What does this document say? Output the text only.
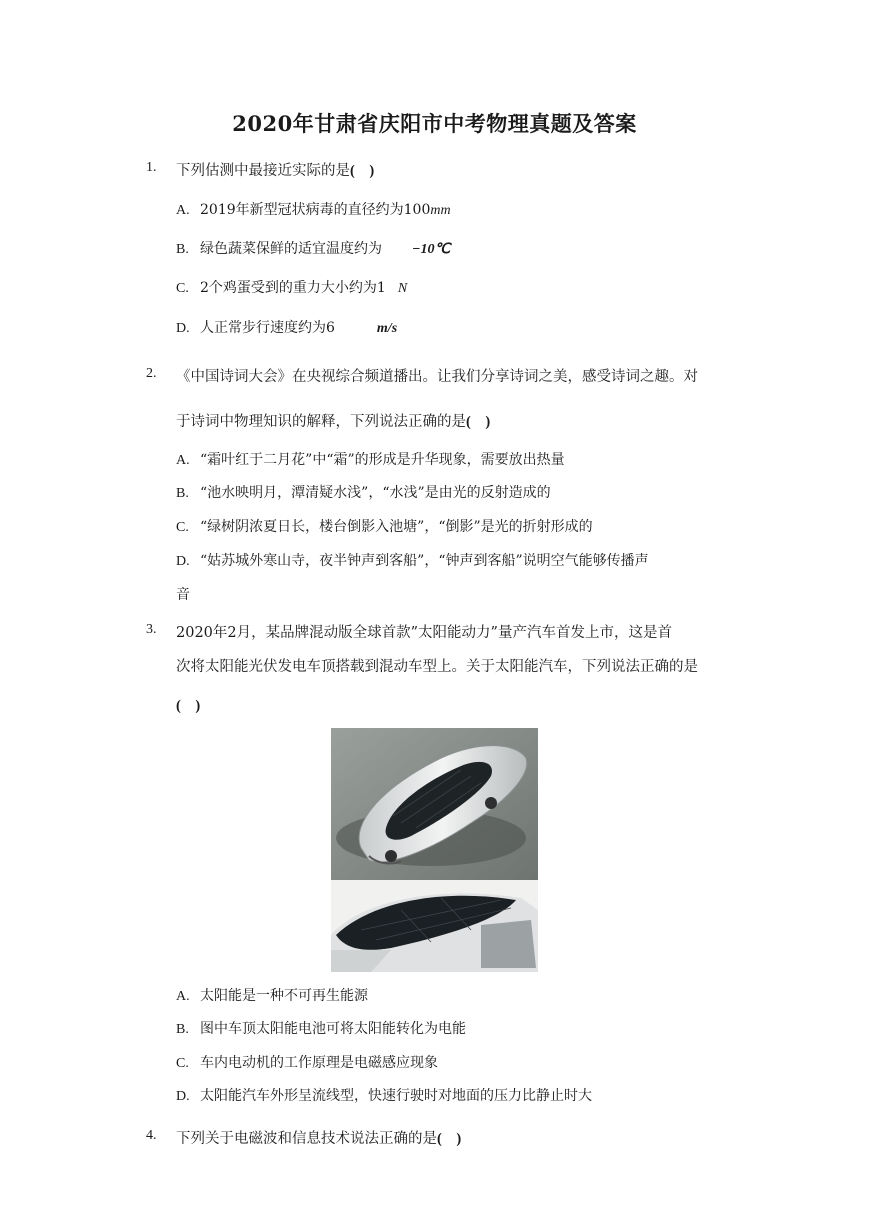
2020年甘肃省庆阳市中考物理真题及答案
1. 下列估测中最接近实际的是(　)
A. 2019年新型冠状病毒的直径约为100mm
B. 绿色蔬菜保鲜的适宜温度约为 −10℃
C. 2个鸡蛋受到的重力大小约为1 N
D. 人正常步行速度约为6	m/s
2. 《中国诗词大会》在央视综合频道播出。让我们分享诗词之美，感受诗词之趣。对
于诗词中物理知识的解释，下列说法正确的是(　)
A. “霜叶红于二月花”中“霜”的形成是升华现象，需要放出热量
B. “池水映明月，潭清疑水浅”，“水浅”是由光的反射造成的
C. “绿树阴浓夏日长，楼台倒影入池塘”，“倒影”是光的折射形成的
D. “姑苏城外寒山寺，夜半钟声到客船”，“钟声到客船”说明空气能够传播声
音
3. 2020年2月，某品牌混动版全球首款”太阳能动力”量产汽车首发上市，这是首
次将太阳能光伏发电车顶搭载到混动车型上。关于太阳能汽车，下列说法正确的是
(　)
A. 太阳能是一种不可再生能源
B. 图中车顶太阳能电池可将太阳能转化为电能
C. 车内电动机的工作原理是电磁感应现象
D. 太阳能汽车外形呈流线型，快速行驶时对地面的压力比静止时大
4. 下列关于电磁波和信息技术说法正确的是(　)
